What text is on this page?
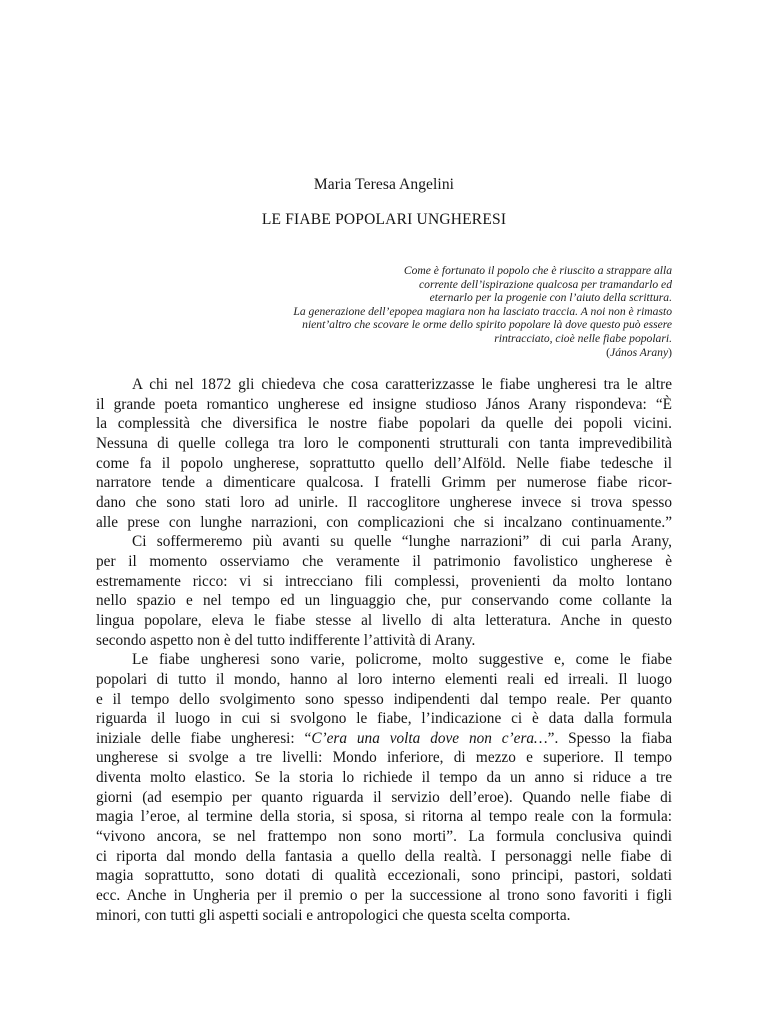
Maria Teresa Angelini
LE FIABE POPOLARI UNGHERESI
Come è fortunato il popolo che è riuscito a strappare alla
corrente dell’ispirazione qualcosa per tramandarlo ed
eternarlo per la progenie con l’aiuto della scrittura.
La generazione dell’epopea magiara non ha lasciato traccia. A noi non è rimasto
nient’altro che scovare le orme dello spirito popolare là dove questo può essere
rintracciato, cioè nelle fiabe popolari.
(János Arany)

A chi nel 1872 gli chiedeva che cosa caratterizzasse le fiabe ungheresi tra le altre
il grande poeta romantico ungherese ed insigne studioso János Arany rispondeva: “È
la complessità che diversifica le nostre fiabe popolari da quelle dei popoli vicini.
Nessuna di quelle collega tra loro le componenti strutturali con tanta imprevedibilità
come fa il popolo ungherese, soprattutto quello dell’Alföld. Nelle fiabe tedesche il
narratore tende a dimenticare qualcosa. I fratelli Grimm per numerose fiabe ricor-
dano che sono stati loro ad unirle. Il raccoglitore ungherese invece si trova spesso
alle prese con lunghe narrazioni, con complicazioni che si incalzano continuamente.”

Ci soffermeremo più avanti su quelle “lunghe narrazioni” di cui parla Arany,
per il momento osserviamo che veramente il patrimonio favolistico ungherese è
estremamente ricco: vi si intrecciano fili complessi, provenienti da molto lontano
nello spazio e nel tempo ed un linguaggio che, pur conservando come collante la
lingua popolare, eleva le fiabe stesse al livello di alta letteratura. Anche in questo
secondo aspetto non è del tutto indifferente l’attività di Arany.

Le fiabe ungheresi sono varie, policrome, molto suggestive e, come le fiabe
popolari di tutto il mondo, hanno al loro interno elementi reali ed irreali. Il luogo
e il tempo dello svolgimento sono spesso indipendenti dal tempo reale. Per quanto
riguarda il luogo in cui si svolgono le fiabe, l’indicazione ci è data dalla formula
iniziale delle fiabe ungheresi: “C’era una volta dove non c’era…”. Spesso la fiaba
ungherese si svolge a tre livelli: Mondo inferiore, di mezzo e superiore. Il tempo
diventa molto elastico. Se la storia lo richiede il tempo da un anno si riduce a tre
giorni (ad esempio per quanto riguarda il servizio dell’eroe). Quando nelle fiabe di
magia l’eroe, al termine della storia, si sposa, si ritorna al tempo reale con la formula:
“vivono ancora, se nel frattempo non sono morti”. La formula conclusiva quindi
ci riporta dal mondo della fantasia a quello della realtà. I personaggi nelle fiabe di
magia soprattutto, sono dotati di qualità eccezionali, sono principi, pastori, soldati
ecc. Anche in Ungheria per il premio o per la successione al trono sono favoriti i figli
minori, con tutti gli aspetti sociali e antropologici che questa scelta comporta.
